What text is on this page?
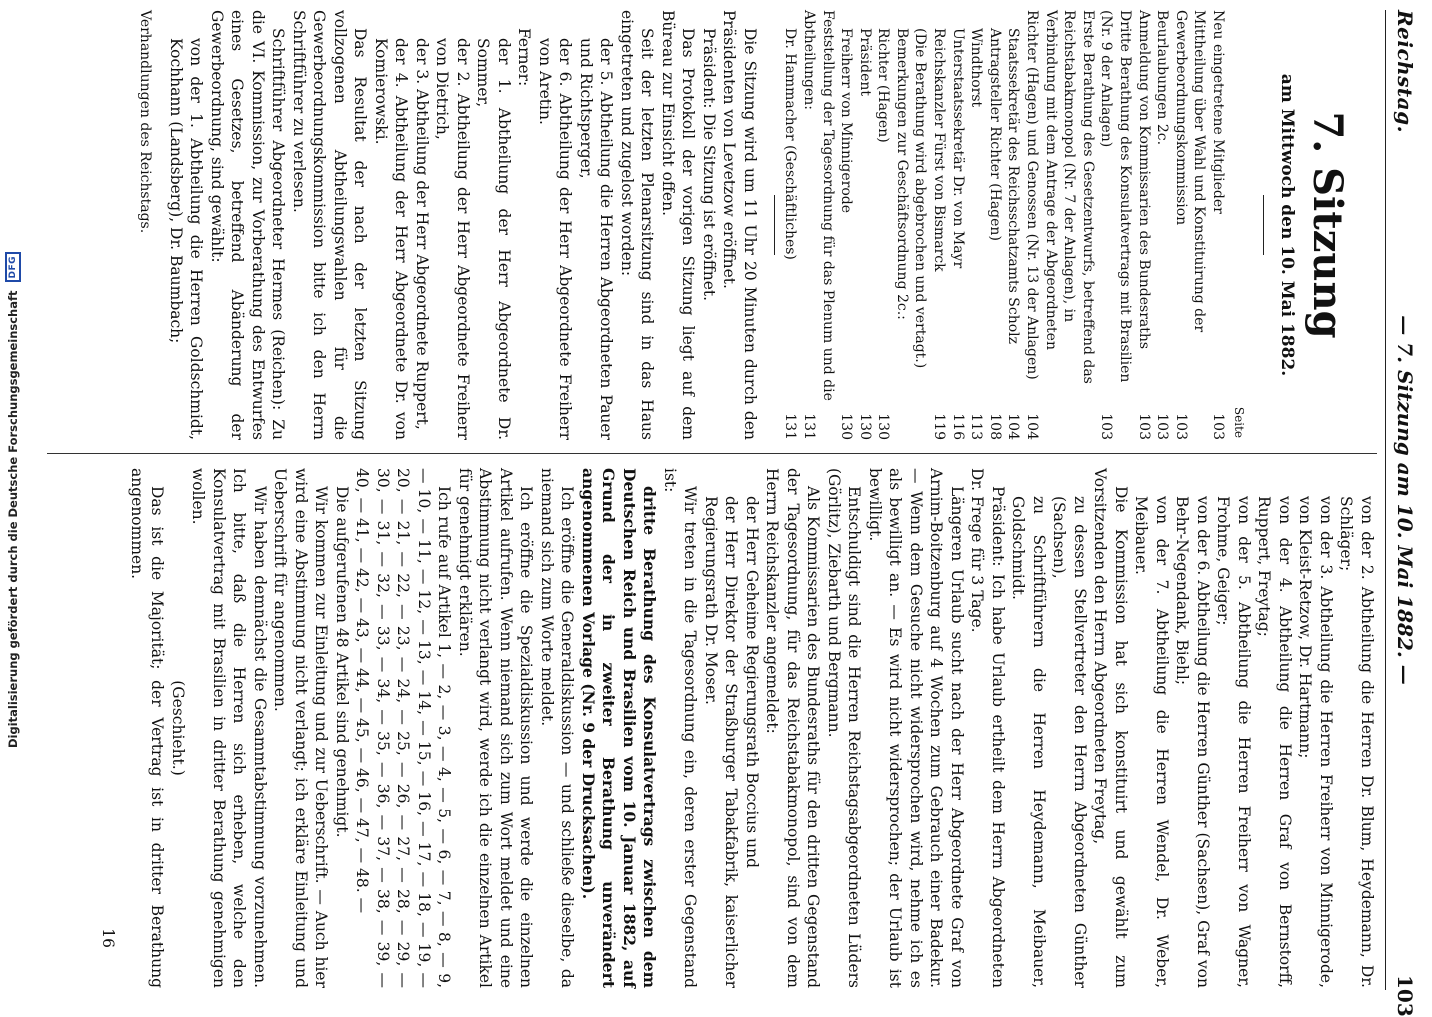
Reichstag.
— 7. Sitzung am 10. Mai 1882. —
103
7. Sitzung
am Mittwoch den 10. Mai 1882.
Seite
Neu eingetretene Mitglieder
103
Mittheilung über Wahl und Konstituirung der Gewerbeordnungskommission
103
Beurlaubungen 2c.
103
Anmeldung von Kommissarien des Bundesraths
103
Dritte Berathung des Konsulatvertrags mit Brasilien (Nr. 9 der Anlagen)
103
Erste Berathung des Gesetzentwurfs, betreffend das Reichstabakmonopol (Nr. 7 der Anlagen), in Verbindung mit dem Antrage der Abgeordneten Richter (Hagen) und Genossen (Nr. 13 der Anlagen)
104
Staatssekretär des Reichsschatzamts Scholz
104
Antragsteller Richter (Hagen)
108
Windthorst
113
Unterstaatssekretär Dr. von Mayr
116
Reichskanzler Fürst von Bismarck
119
(Die Berathung wird abgebrochen und vertagt.)
Bemerkungen zur Geschäftsordnung 2c.:
Richter (Hagen)
130
Präsident
130
Freiherr von Minnigerode
130
Feststellung der Tagesordnung für das Plenum und die Abtheilungen:
131
Dr. Hammacher (Geschäftliches)
131

Die Sitzung wird um 11 Uhr 20 Minuten durch den Präsidenten von Levetzow eröffnet.

Präsident: Die Sitzung ist eröffnet.

Das Protokoll der vorigen Sitzung liegt auf dem Büreau zur Einsicht offen.

Seit der letzten Plenarsitzung sind in das Haus eingetreten und zugelost worden:

der 5. Abtheilung die Herren Abgeordneten Pauer und Richtsperger,

der 6. Abtheilung der Herr Abgeordnete Freiherr von Aretin.

Ferner:

der 1. Abtheilung der Herr Abgeordnete Dr. Sommer,

der 2. Abtheilung der Herr Abgeordnete Freiherr von Dietrich,

der 3. Abtheilung der Herr Abgeordnete Ruppert,

der 4. Abtheilung der Herr Abgeordnete Dr. von Komierowski.

Das Resultat der nach der letzten Sitzung vollzogenen Abtheilungswahlen für die Gewerbeordnungskommission bitte ich den Herrn Schriftführer zu verlesen.

Schriftführer Abgeordneter Hermes (Reichen): Zu die VI. Kommission, zur Vorberathung des Entwurfes eines Gesetzes, betreffend Abänderung der Gewerbeordnung, sind gewählt:

von der 1. Abtheilung die Herren Goldschmidt, Kochhann (Landsberg), Dr. Baumbach;

Verhandlungen des Reichstags.

von der 2. Abtheilung die Herren Dr. Blum, Heydemann, Dr. Schläger;

von der 3. Abtheilung die Herren Freiherr von Minnigerode, von Kleist-Retzow, Dr. Hartmann;

von der 4. Abtheilung die Herren Graf von Bernstorff, Ruppert, Freytag;

von der 5. Abtheilung die Herren Freiherr von Wagner, Frohme, Geiger;

von der 6. Abtheilung die Herren Günther (Sachsen), Graf von Behr-Negendank, Biehl;

von der 7. Abtheilung die Herren Wendel, Dr. Weber, Meibauer.

Die Kommission hat sich konstituirt und gewählt zum Vorsitzenden den Herrn Abgeordneten Freytag,

zu dessen Stellvertreter den Herrn Abgeordneten Günther (Sachsen),

zu Schriftführern die Herren Heydemann, Meibauer, Goldschmidt.

Präsident: Ich habe Urlaub ertheilt dem Herrn Abgeordneten Dr. Frege für 3 Tage.

Längeren Urlaub sucht nach der Herr Abgeordnete Graf von Arnim-Boitzenburg auf 4 Wochen zum Gebrauch einer Badekur. — Wenn dem Gesuche nicht widersprochen wird, nehme ich es als bewilligt an. — Es wird nicht widersprochen; der Urlaub ist bewilligt.

Entschuldigt sind die Herren Reichstagsabgeordneten Lüders (Görlitz), Ziebarth und Bergmann.

Als Kommissarien des Bundesraths für den dritten Gegenstand der Tagesordnung, für das Reichstabakmonopol, sind von dem Herrn Reichskanzler angemeldet:

der Herr Geheime Regierungsrath Boccius und

der Herr Direktor der Straßburger Tabakfabrik, kaiserlicher Regierungsrath Dr. Moser.

Wir treten in die Tagesordnung ein, deren erster Gegenstand ist:

dritte Berathung des Konsulatvertrags zwischen dem Deutschen Reich und Brasilien vom 10. Januar 1882, auf Grund der in zweiter Berathung unverändert angenommenen Vorlage (Nr. 9 der Drucksachen).

Ich eröffne die Generaldiskussion — und schließe dieselbe, da niemand sich zum Worte meldet.

Ich eröffne die Spezialdiskussion und werde die einzelnen Artikel aufrufen. Wenn niemand sich zum Wort meldet und eine Abstimmung nicht verlangt wird, werde ich die einzelnen Artikel für genehmigt erklären.

Ich rufe auf Artikel 1, — 2, — 3, — 4, — 5, — 6, — 7, — 8, — 9, — 10, — 11, — 12, — 13, — 14, — 15, — 16, — 17, — 18, — 19, — 20, — 21, — 22, — 23, — 24, — 25, — 26, — 27, — 28, — 29, — 30, — 31, — 32, — 33, — 34, — 35, — 36, — 37, — 38, — 39, — 40, — 41, — 42, — 43, — 44, — 45, — 46, — 47, — 48. —

Die aufgerufenen 48 Artikel sind genehmigt.

Wir kommen zur Einleitung und zur Ueberschrift. — Auch hier wird eine Abstimmung nicht verlangt; ich erkläre Einleitung und Ueberschrift für angenommen.

Wir haben demnächst die Gesammtabstimmung vorzunehmen. Ich bitte, daß die Herren sich erheben, welche den Konsulatvertrag mit Brasilien in dritter Berathung genehmigen wollen.

(Geschieht.)

Das ist die Majorität; der Vertrag ist in dritter Berathung angenommen.

16

Digitalisierung gefördert durch die Deutsche Forschungsgemeinschaft
DFG
